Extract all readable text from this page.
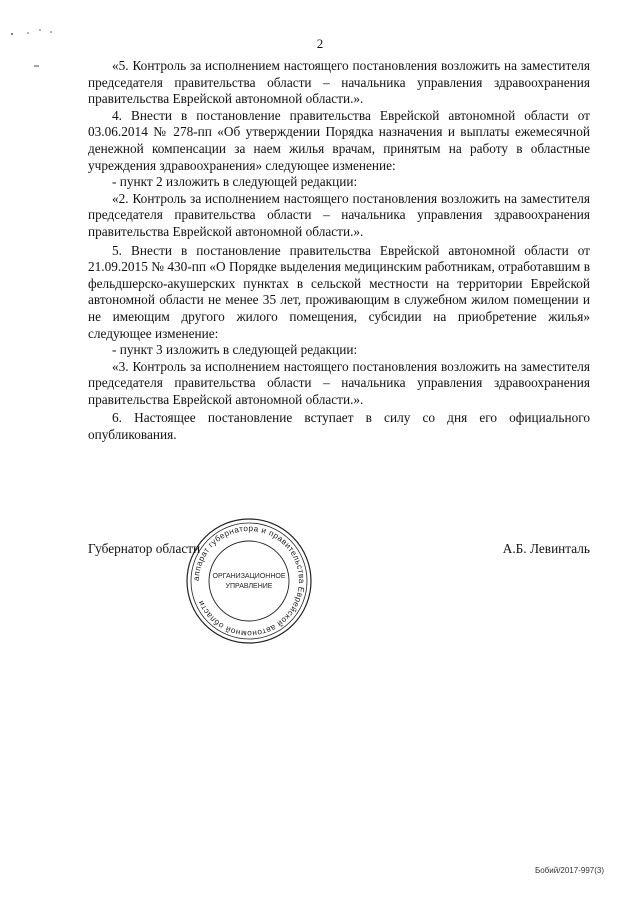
2

«5. Контроль за исполнением настоящего постановления возложить на заместителя председателя правительства области – начальника управления здравоохранения правительства Еврейской автономной области.».

4. Внести в постановление правительства Еврейской автономной области от 03.06.2014 № 278-пп «Об утверждении Порядка назначения и выплаты ежемесячной денежной компенсации за наем жилья врачам, принятым на работу в областные учреждения здравоохранения» следующее изменение:

- пункт 2 изложить в следующей редакции:

«2. Контроль за исполнением настоящего постановления возложить на заместителя председателя правительства области – начальника управления здравоохранения правительства Еврейской автономной области.».

5. Внести в постановление правительства Еврейской автономной области от 21.09.2015 № 430-пп «О Порядке выделения медицинским работникам, отработавшим в фельдшерско-акушерских пунктах в сельской местности на территории Еврейской автономной области не менее 35 лет, проживающим в служебном жилом помещении и не имеющим другого жилого помещения, субсидии на приобретение жилья» следующее изменение:

- пункт 3 изложить в следующей редакции:

«3. Контроль за исполнением настоящего постановления возложить на заместителя председателя правительства области – начальника управления здравоохранения правительства Еврейской автономной области.».

6. Настоящее постановление вступает в силу со дня его официального опубликования.

аппарат губернатора и правительства Еврейской автономной области
ОРГАНИЗАЦИОННОЕ
УПРАВЛЕНИЕ
Губернатор области	А.Б. Левинталь
Бобий/2017-997(3)
